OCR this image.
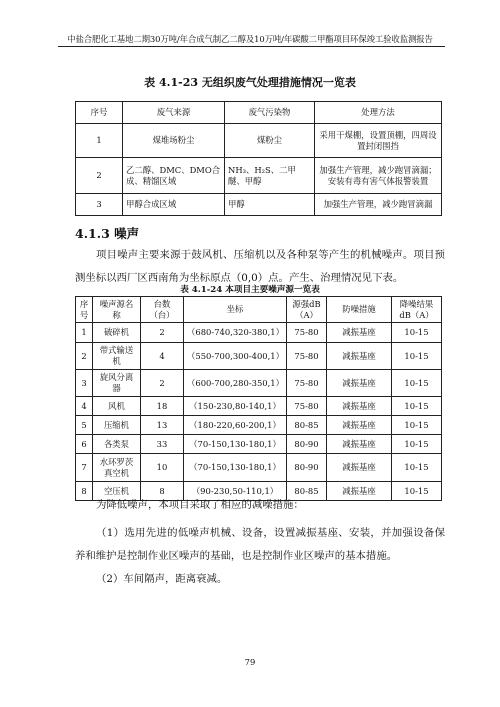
中盐合肥化工基地二期30万吨/年合成气制乙二醇及10万吨/年碳酸二甲酯项目环保竣工验收监测报告
表 4.1-23 无组织废气处理措施情况一览表
序号	废气来源	废气污染物	处理方法
1	煤堆场粉尘	煤粉尘	采用干煤棚，设置顶棚，四周设置封闭围挡
2	乙二醇、DMC、DMO合成、精馏区域	NH₃、H₂S、二甲醚、甲醇	加强生产管理，减少跑冒滴漏；安装有毒有害气体报警装置
3	甲醇合成区域	甲醇	加强生产管理，减少跑冒滴漏
4.1.3 噪声

项目噪声主要来源于鼓风机、压缩机以及各种泵等产生的机械噪声。项目预测坐标以西厂区西南角为坐标原点（0,0）点。产生、治理情况见下表。

表 4.1-24 本项目主要噪声源一览表
序号	噪声源名称	台数（台）	坐标	源强dB（A）	防噪措施	降噪结果dB（A）
1	破碎机	2	（680-740,320-380,1）	75-80	减振基座	10-15
2	带式输送机	4	（550-700,300-400,1）	75-80	减振基座	10-15
3	旋风分离器	2	（600-700,280-350,1）	75-80	减振基座	10-15
4	风机	18	（150-230,80-140,1）	75-80	减振基座	10-15
5	压缩机	13	（180-220,60-200,1）	80-85	减振基座	10-15
6	各类泵	33	（70-150,130-180,1）	80-90	减振基座	10-15
7	水环罗茨真空机	10	（70-150,130-180,1）	80-90	减振基座	10-15
8	空压机	8	（90-230,50-110,1）	80-85	减振基座	10-15

为降低噪声，本项目采取了相应的减噪措施：

（1）选用先进的低噪声机械、设备，设置减振基座、安装，并加强设备保养和维护是控制作业区噪声的基础，也是控制作业区噪声的基本措施。

（2）车间隔声，距离衰减。

79
